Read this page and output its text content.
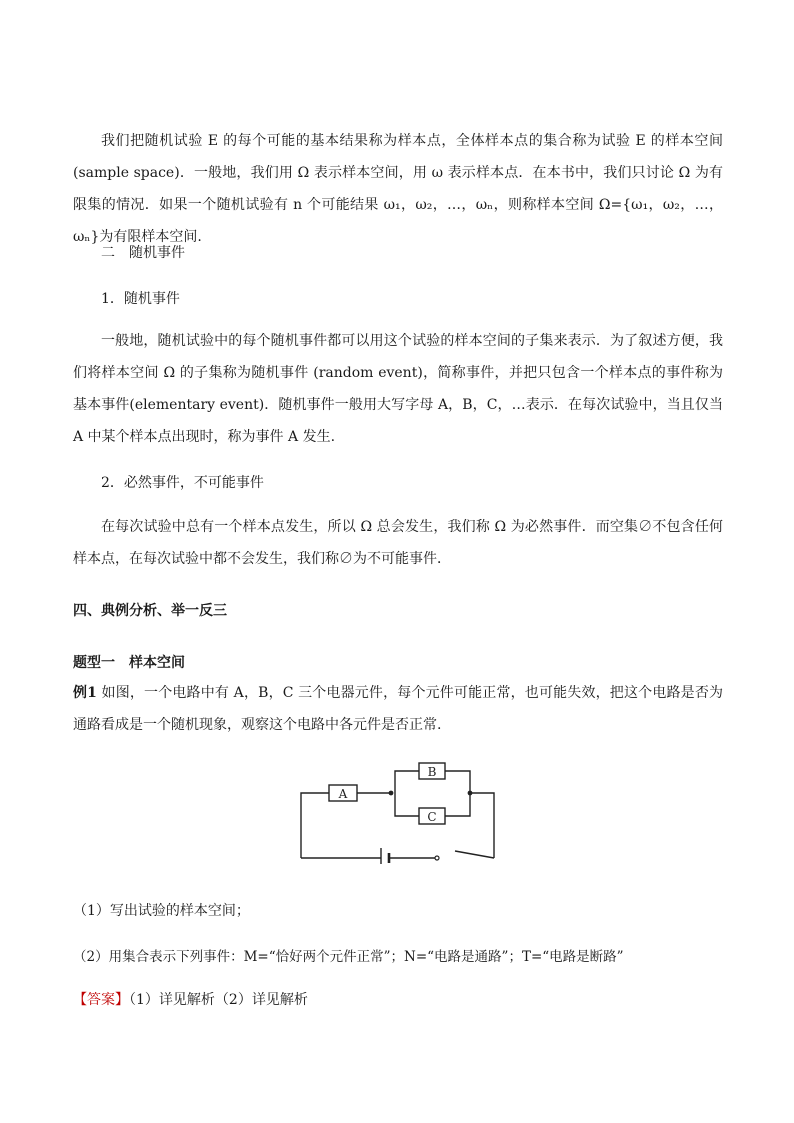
我们把随机试验 E 的每个可能的基本结果称为样本点，全体样本点的集合称为试验 E 的样本空间(sample space)．一般地，我们用 Ω 表示样本空间，用 ω 表示样本点．在本书中，我们只讨论 Ω 为有限集的情况．如果一个随机试验有 n 个可能结果 ω₁，ω₂，…，ωₙ，则称样本空间 Ω={ω₁，ω₂，…，ωₙ}为有限样本空间.

二　随机事件

1．随机事件

一般地，随机试验中的每个随机事件都可以用这个试验的样本空间的子集来表示．为了叙述方便，我们将样本空间 Ω 的子集称为随机事件 (random event)，简称事件，并把只包含一个样本点的事件称为基本事件(elementary event)．随机事件一般用大写字母 A，B，C，…表示．在每次试验中，当且仅当 A 中某个样本点出现时，称为事件 A 发生.

2．必然事件，不可能事件

在每次试验中总有一个样本点发生，所以 Ω 总会发生，我们称 Ω 为必然事件．而空集∅不包含任何样本点，在每次试验中都不会发生，我们称∅为不可能事件．

四、典例分析、举一反三

题型一　样本空间

例1 如图，一个电路中有 A，B，C 三个电器元件，每个元件可能正常，也可能失效，把这个电路是否为通路看成是一个随机现象，观察这个电路中各元件是否正常.

A
B
C

（1）写出试验的样本空间；

（2）用集合表示下列事件：M=“恰好两个元件正常”；N=“电路是通路”；T=“电路是断路”

【答案】（1）详见解析（2）详见解析
